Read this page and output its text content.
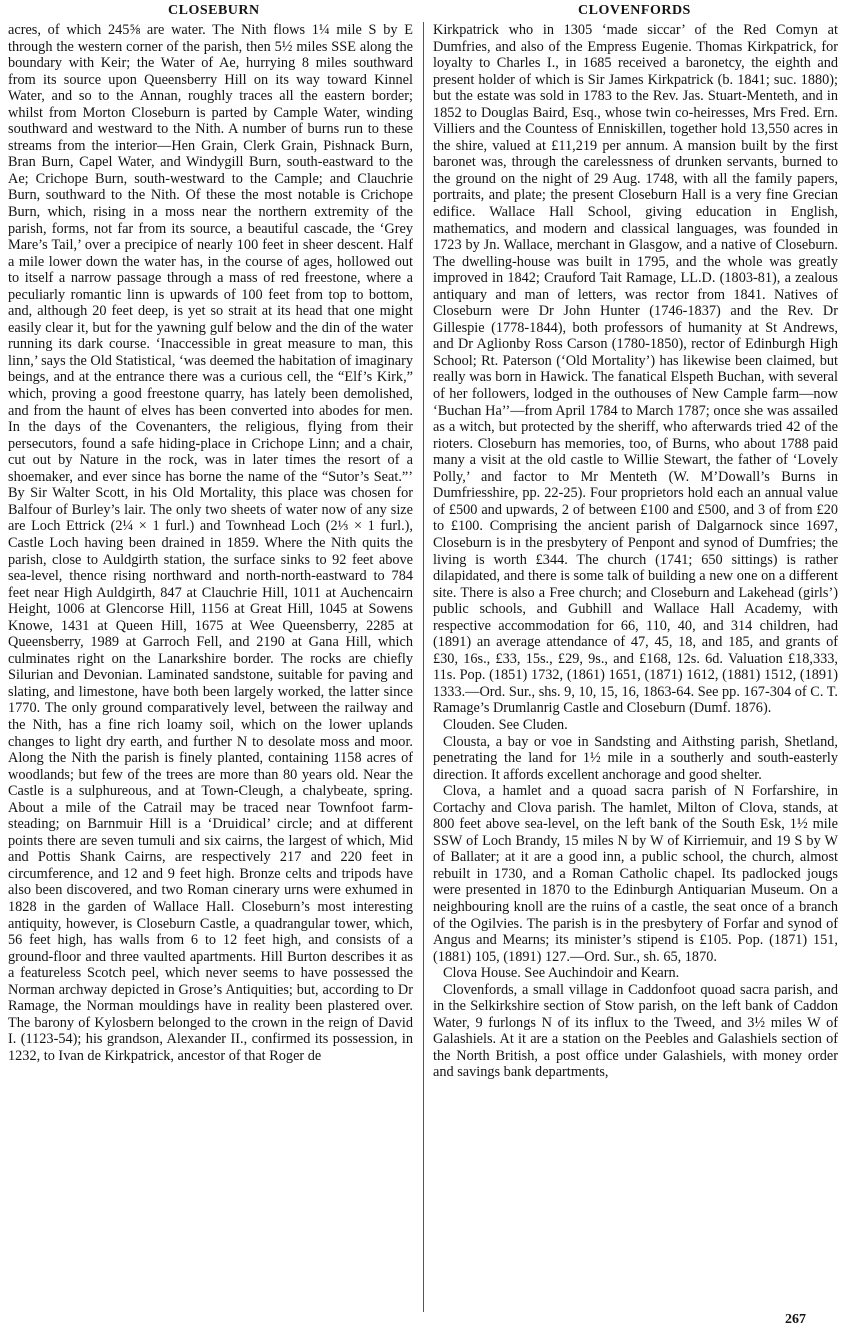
CLOSEBURN	CLOVENFORDS

acres, of which 245⅝ are water. The Nith flows 1¼ mile S by E through the western corner of the parish, then 5½ miles SSE along the boundary with Keir; the Water of Ae, hurrying 8 miles southward from its source upon Queensberry Hill on its way toward Kinnel Water, and so to the Annan, roughly traces all the eastern border; whilst from Morton Closeburn is parted by Cample Water, winding southward and westward to the Nith. A number of burns run to these streams from the interior—Hen Grain, Clerk Grain, Pishnack Burn, Bran Burn, Capel Water, and Windygill Burn, south-eastward to the Ae; Crichope Burn, south-westward to the Cample; and Clauchrie Burn, southward to the Nith. Of these the most notable is Crichope Burn, which, rising in a moss near the northern extremity of the parish, forms, not far from its source, a beautiful cascade, the ‘Grey Mare’s Tail,’ over a precipice of nearly 100 feet in sheer descent. Half a mile lower down the water has, in the course of ages, hollowed out to itself a narrow passage through a mass of red freestone, where a peculiarly romantic linn is upwards of 100 feet from top to bottom, and, although 20 feet deep, is yet so strait at its head that one might easily clear it, but for the yawning gulf below and the din of the water running its dark course. ‘Inaccessible in great measure to man, this linn,’ says the Old Statistical, ‘was deemed the habitation of imaginary beings, and at the entrance there was a curious cell, the “Elf’s Kirk,” which, proving a good freestone quarry, has lately been demolished, and from the haunt of elves has been converted into abodes for men. In the days of the Covenanters, the religious, flying from their persecutors, found a safe hiding-place in Crichope Linn; and a chair, cut out by Nature in the rock, was in later times the resort of a shoemaker, and ever since has borne the name of the “Sutor’s Seat.”’ By Sir Walter Scott, in his Old Mortality, this place was chosen for Balfour of Burley’s lair. The only two sheets of water now of any size are Loch Ettrick (2¼ × 1 furl.) and Townhead Loch (2⅓ × 1 furl.), Castle Loch having been drained in 1859. Where the Nith quits the parish, close to Auldgirth station, the surface sinks to 92 feet above sea-level, thence rising northward and north-north-eastward to 784 feet near High Auldgirth, 847 at Clauchrie Hill, 1011 at Auchencairn Height, 1006 at Glencorse Hill, 1156 at Great Hill, 1045 at Sowens Knowe, 1431 at Queen Hill, 1675 at Wee Queensberry, 2285 at Queensberry, 1989 at Garroch Fell, and 2190 at Gana Hill, which culminates right on the Lanarkshire border. The rocks are chiefly Silurian and Devonian. Laminated sandstone, suitable for paving and slating, and limestone, have both been largely worked, the latter since 1770. The only ground comparatively level, between the railway and the Nith, has a fine rich loamy soil, which on the lower uplands changes to light dry earth, and further N to desolate moss and moor. Along the Nith the parish is finely planted, containing 1158 acres of woodlands; but few of the trees are more than 80 years old. Near the Castle is a sulphureous, and at Town-Cleugh, a chalybeate, spring. About a mile of the Catrail may be traced near Townfoot farm-steading; on Barnmuir Hill is a ‘Druidical’ circle; and at different points there are seven tumuli and six cairns, the largest of which, Mid and Pottis Shank Cairns, are respectively 217 and 220 feet in circumference, and 12 and 9 feet high. Bronze celts and tripods have also been discovered, and two Roman cinerary urns were exhumed in 1828 in the garden of Wallace Hall. Closeburn’s most interesting antiquity, however, is Closeburn Castle, a quadrangular tower, which, 56 feet high, has walls from 6 to 12 feet high, and consists of a ground-floor and three vaulted apartments. Hill Burton describes it as a featureless Scotch peel, which never seems to have possessed the Norman archway depicted in Grose’s Antiquities; but, according to Dr Ramage, the Norman mouldings have in reality been plastered over. The barony of Kylosbern belonged to the crown in the reign of David I. (1123-54); his grandson, Alexander II., confirmed its possession, in 1232, to Ivan de Kirkpatrick, ancestor of that Roger de

Kirkpatrick who in 1305 ‘made siccar’ of the Red Comyn at Dumfries, and also of the Empress Eugenie. Thomas Kirkpatrick, for loyalty to Charles I., in 1685 received a baronetcy, the eighth and present holder of which is Sir James Kirkpatrick (b. 1841; suc. 1880); but the estate was sold in 1783 to the Rev. Jas. Stuart-Menteth, and in 1852 to Douglas Baird, Esq., whose twin co-heiresses, Mrs Fred. Ern. Villiers and the Countess of Enniskillen, together hold 13,550 acres in the shire, valued at £11,219 per annum. A mansion built by the first baronet was, through the carelessness of drunken servants, burned to the ground on the night of 29 Aug. 1748, with all the family papers, portraits, and plate; the present Closeburn Hall is a very fine Grecian edifice. Wallace Hall School, giving education in English, mathematics, and modern and classical languages, was founded in 1723 by Jn. Wallace, merchant in Glasgow, and a native of Closeburn. The dwelling-house was built in 1795, and the whole was greatly improved in 1842; Crauford Tait Ramage, LL.D. (1803-81), a zealous antiquary and man of letters, was rector from 1841. Natives of Closeburn were Dr John Hunter (1746-1837) and the Rev. Dr Gillespie (1778-1844), both professors of humanity at St Andrews, and Dr Aglionby Ross Carson (1780-1850), rector of Edinburgh High School; Rt. Paterson (‘Old Mortality’) has likewise been claimed, but really was born in Hawick. The fanatical Elspeth Buchan, with several of her followers, lodged in the outhouses of New Cample farm—now ‘Buchan Ha’’—from April 1784 to March 1787; once she was assailed as a witch, but protected by the sheriff, who afterwards tried 42 of the rioters. Closeburn has memories, too, of Burns, who about 1788 paid many a visit at the old castle to Willie Stewart, the father of ‘Lovely Polly,’ and factor to Mr Menteth (W. M’Dowall’s Burns in Dumfriesshire, pp. 22-25). Four proprietors hold each an annual value of £500 and upwards, 2 of between £100 and £500, and 3 of from £20 to £100. Comprising the ancient parish of Dalgarnock since 1697, Closeburn is in the presbytery of Penpont and synod of Dumfries; the living is worth £344. The church (1741; 650 sittings) is rather dilapidated, and there is some talk of building a new one on a different site. There is also a Free church; and Closeburn and Lakehead (girls’) public schools, and Gubhill and Wallace Hall Academy, with respective accommodation for 66, 110, 40, and 314 children, had (1891) an average attendance of 47, 45, 18, and 185, and grants of £30, 16s., £33, 15s., £29, 9s., and £168, 12s. 6d. Valuation £18,333, 11s. Pop. (1851) 1732, (1861) 1651, (1871) 1612, (1881) 1512, (1891) 1333.—Ord. Sur., shs. 9, 10, 15, 16, 1863-64. See pp. 167-304 of C. T. Ramage’s Drumlanrig Castle and Closeburn (Dumf. 1876).

Clouden. See Cluden.

Clousta, a bay or voe in Sandsting and Aithsting parish, Shetland, penetrating the land for 1½ mile in a southerly and south-easterly direction. It affords excellent anchorage and good shelter.

Clova, a hamlet and a quoad sacra parish of N Forfarshire, in Cortachy and Clova parish. The hamlet, Milton of Clova, stands, at 800 feet above sea-level, on the left bank of the South Esk, 1½ mile SSW of Loch Brandy, 15 miles N by W of Kirriemuir, and 19 S by W of Ballater; at it are a good inn, a public school, the church, almost rebuilt in 1730, and a Roman Catholic chapel. Its padlocked jougs were presented in 1870 to the Edinburgh Antiquarian Museum. On a neighbouring knoll are the ruins of a castle, the seat once of a branch of the Ogilvies. The parish is in the presbytery of Forfar and synod of Angus and Mearns; its minister’s stipend is £105. Pop. (1871) 151, (1881) 105, (1891) 127.—Ord. Sur., sh. 65, 1870.

Clova House. See Auchindoir and Kearn.

Clovenfords, a small village in Caddonfoot quoad sacra parish, and in the Selkirkshire section of Stow parish, on the left bank of Caddon Water, 9 furlongs N of its influx to the Tweed, and 3½ miles W of Galashiels. At it are a station on the Peebles and Galashiels section of the North British, a post office under Galashiels, with money order and savings bank departments,

267
